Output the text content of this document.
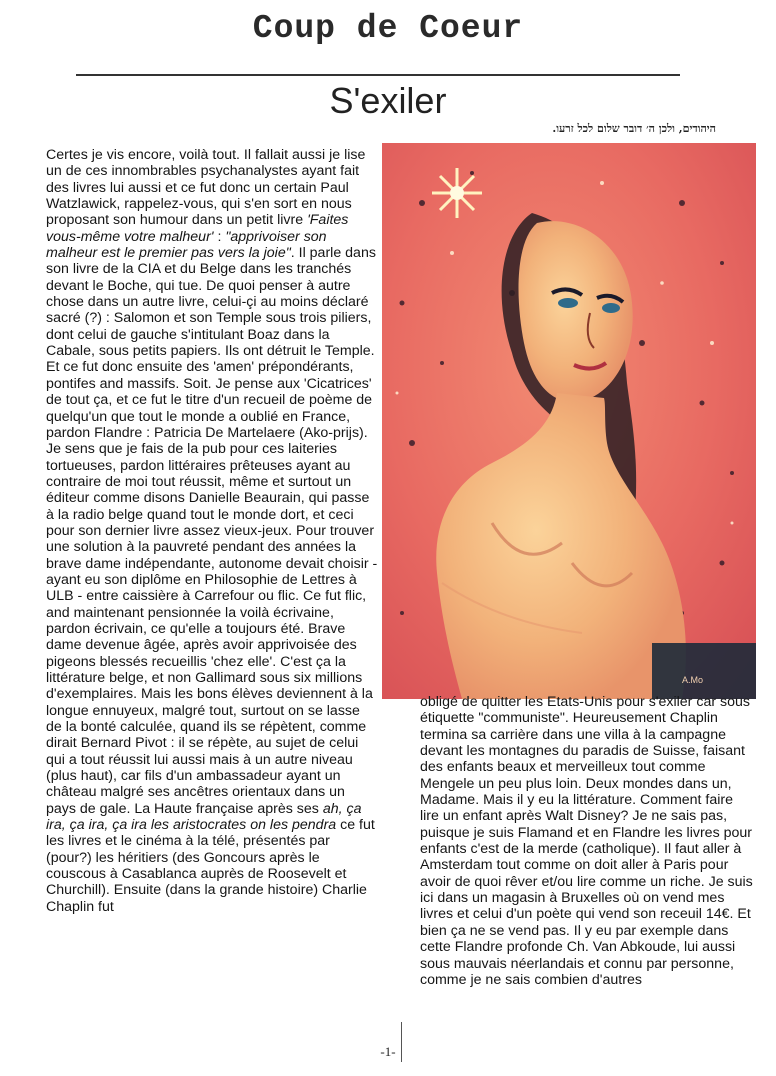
Coup de Coeur
S'exiler
היהודים, ולכן ה׳ דובר שלום לכל זרעו.

Certes je vis encore, voilà tout. Il fallait aussi je lise un de ces innombrables psychanalystes ayant fait des livres lui aussi et ce fut donc un certain Paul Watzlawick, rappelez-vous, qui s'en sort en nous proposant son humour dans un petit livre 'Faites vous-même votre malheur' : "apprivoiser son malheur est le premier pas vers la joie". Il parle dans son livre de la CIA et du Belge dans les tranchés devant le Boche, qui tue. De quoi penser à autre chose dans un autre livre, celui-çi au moins déclaré sacré (?) : Salomon et son Temple sous trois piliers, dont celui de gauche s'intitulant Boaz dans la Cabale, sous petits papiers. Ils ont détruit le Temple. Et ce fut donc ensuite des 'amen' prépondérants, pontifes and massifs. Soit. Je pense aux 'Cicatrices' de tout ça, et ce fut le titre d'un recueil de poème de quelqu'un que tout le monde a oublié en France, pardon Flandre : Patricia De Martelaere (Ako-prijs). Je sens que je fais de la pub pour ces laiteries tortueuses, pardon littéraires prêteuses ayant au contraire de moi tout réussit, même et surtout un éditeur comme disons Danielle Beaurain, qui passe à la radio belge quand tout le monde dort, et ceci pour son dernier livre assez vieux-jeux. Pour trouver une solution à la pauvreté pendant des années la brave dame indépendante, autonome devait choisir - ayant eu son diplôme en Philosophie de Lettres à ULB - entre caissière à Carrefour ou flic. Ce fut flic, and maintenant pensionnée la voilà écrivaine, pardon écrivain, ce qu'elle a toujours été. Brave dame devenue âgée, après avoir apprivoisée des pigeons blessés recueillis 'chez elle'. C'est ça la littérature belge, et non Gallimard sous six millions d'exemplaires. Mais les bons élèves deviennent à la longue ennuyeux, malgré tout, surtout on se lasse de la bonté calculée, quand ils se répètent, comme dirait Bernard Pivot : il se répète, au sujet de celui qui a tout réussit lui aussi mais à un autre niveau (plus haut), car fils d'un ambassadeur ayant un château malgré ses ancêtres orientaux dans un pays de gale. La Haute française après ses ah, ça ira, ça ira, ça ira les aristocrates on les pendra ce fut les livres et le cinéma à la télé, présentés par (pour?) les héritiers (des Goncours après le couscous à Casablanca auprès de Roosevelt et Churchill). Ensuite (dans la grande histoire) Charlie Chaplin fut

A.Mo

obligé de quitter les Etats-Unis pour s'exiler car sous étiquette "communiste". Heureusement Chaplin termina sa carrière dans une villa à la campagne devant les montagnes du paradis de Suisse, faisant des enfants beaux et merveilleux tout comme Mengele un peu plus loin. Deux mondes dans un, Madame. Mais il y eu la littérature. Comment faire lire un enfant après Walt Disney? Je ne sais pas, puisque je suis Flamand et en Flandre les livres pour enfants c'est de la merde (catholique). Il faut aller à Amsterdam tout comme on doit aller à Paris pour avoir de quoi rêver et/ou lire comme un riche. Je suis ici dans un magasin à Bruxelles où on vend mes livres et celui d'un poète qui vend son receuil 14€. Et bien ça ne se vend pas. Il y eu par exemple dans cette Flandre profonde Ch. Van Abkoude, lui aussi sous mauvais néerlandais et connu par personne, comme je ne sais combien d'autres

-1-
